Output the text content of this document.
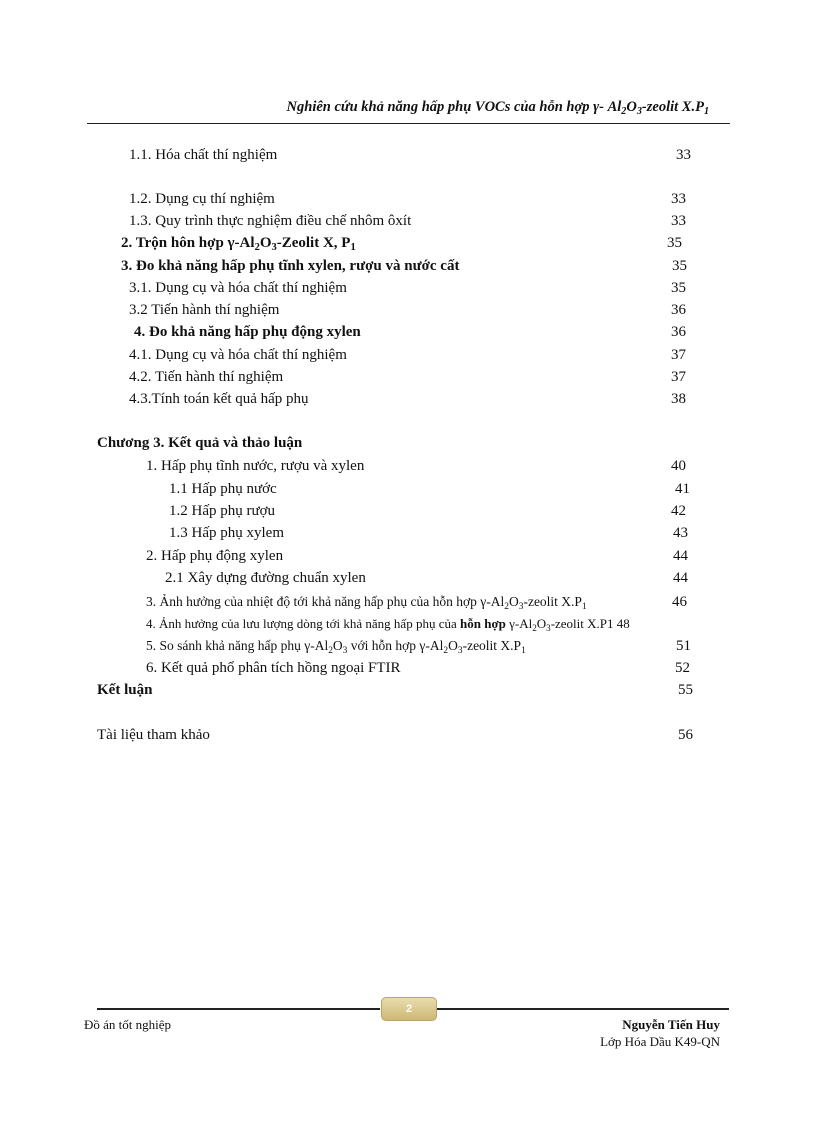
Nghiên cứu khả năng hấp phụ VOCs của hỗn hợp γ- $Al_2O_3$-zeolit $X.P_1$
1.1. Hóa chất thí nghiệm	33
1.2. Dụng cụ thí nghiệm	33
1.3. Quy trình thực nghiệm điều chế nhôm ôxít	33
2. Trộn hôn hợp $\gamma-Al_2O_3$-Zeolit X, $P_1$	35
3. Đo khả năng hấp phụ tĩnh xylen, rượu và nước cất	35
3.1. Dụng cụ và hóa chất thí nghiệm	35
3.2 Tiến hành thí nghiệm	36
4. Đo khả năng hấp phụ động xylen	36
4.1. Dụng cụ và hóa chất thí nghiệm	37
4.2. Tiến hành thí nghiệm	37
4.3.Tính toán kết quả hấp phụ	38
Chương 3. Kết quả và thảo luận
1. Hấp phụ tĩnh nước, rượu và xylen	40
1.1 Hấp phụ nước	41
1.2 Hấp phụ rượu	42
1.3 Hấp phụ xylem	43
2. Hấp phụ động xylen	44
2.1 Xây dựng đường chuẩn xylen	44
3. Ảnh hưởng của nhiệt độ tới khả năng hấp phụ của hỗn hợp $\gamma-Al_2O_3$-zeolit $X.P_1$	46
4. Ảnh hưởng của lưu lượng dòng tới khả năng hấp phụ của hỗn hợp $\gamma-Al_2O_3$-zeolit X.P1 48
5. So sánh khả năng hấp phụ $\gamma-Al_2O_3$ với hỗn hợp $\gamma-Al_2O_3$-zeolit $X.P_1$	51
6. Kết quả phổ phân tích hồng ngoại FTIR	52
Kết luận	55
Tài liệu tham khảo	56
2
Đồ án tốt nghiệp	Nguyễn Tiến Huy
Lớp Hóa Dầu K49-QN
